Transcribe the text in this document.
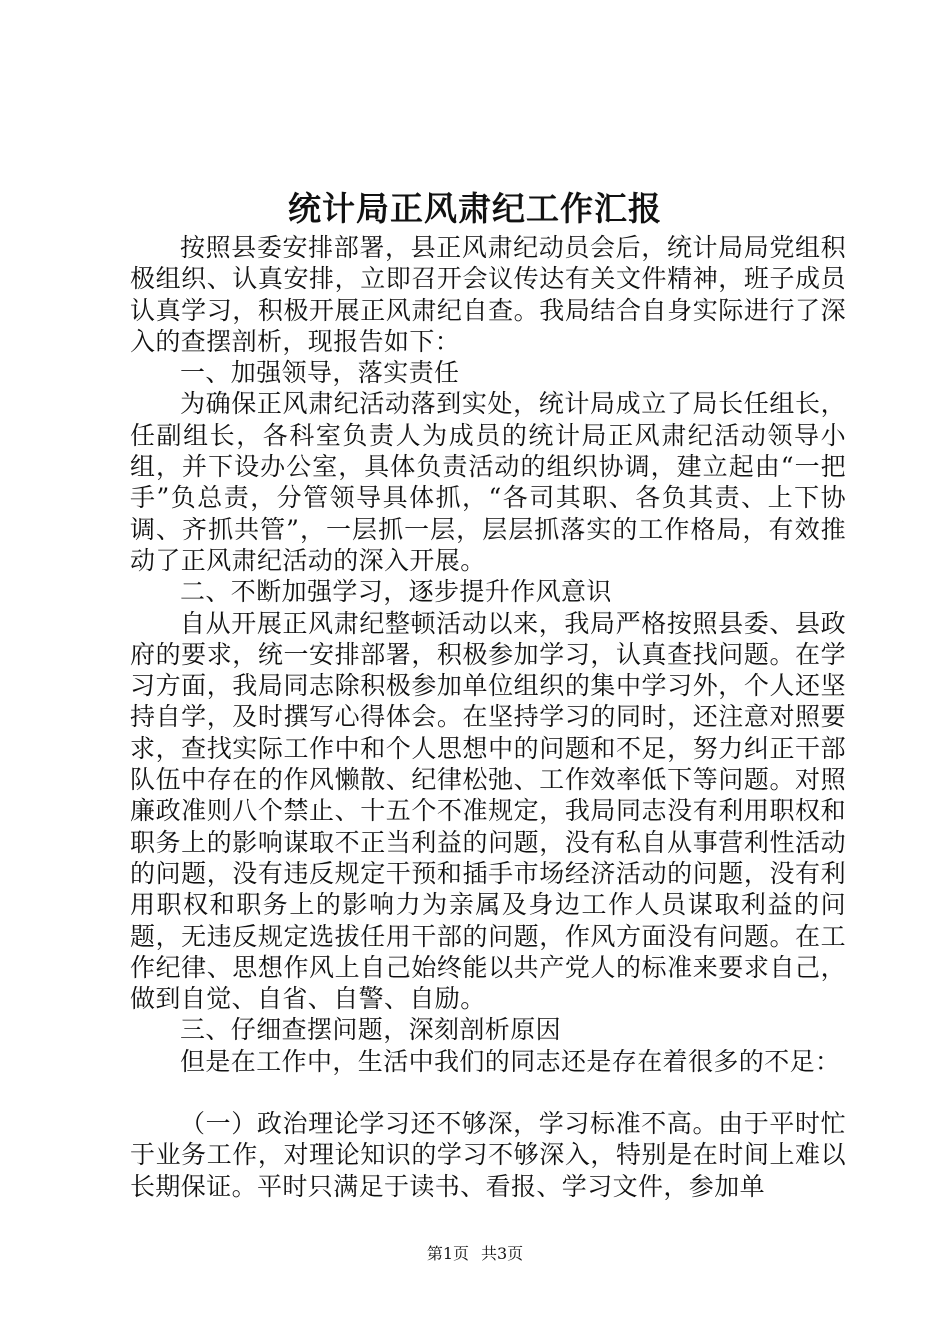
统计局正风肃纪工作汇报

按照县委安排部署，县正风肃纪动员会后，统计局局党组积极组织、认真安排，立即召开会议传达有关文件精神，班子成员认真学习，积极开展正风肃纪自查。我局结合自身实际进行了深入的查摆剖析，现报告如下：

一、加强领导，落实责任

为确保正风肃纪活动落到实处，统计局成立了局长任组长，任副组长，各科室负责人为成员的统计局正风肃纪活动领导小组，并下设办公室，具体负责活动的组织协调，建立起由“一把手”负总责，分管领导具体抓，“各司其职、各负其责、上下协调、齐抓共管”，一层抓一层，层层抓落实的工作格局，有效推动了正风肃纪活动的深入开展。

二、不断加强学习，逐步提升作风意识

自从开展正风肃纪整顿活动以来，我局严格按照县委、县政府的要求，统一安排部署，积极参加学习，认真查找问题。在学习方面，我局同志除积极参加单位组织的集中学习外，个人还坚持自学，及时撰写心得体会。在坚持学习的同时，还注意对照要求，查找实际工作中和个人思想中的问题和不足，努力纠正干部队伍中存在的作风懒散、纪律松弛、工作效率低下等问题。对照廉政准则八个禁止、十五个不准规定，我局同志没有利用职权和职务上的影响谋取不正当利益的问题，没有私自从事营利性活动的问题，没有违反规定干预和插手市场经济活动的问题，没有利用职权和职务上的影响力为亲属及身边工作人员谋取利益的问题，无违反规定选拔任用干部的问题，作风方面没有问题。在工作纪律、思想作风上自己始终能以共产党人的标准来要求自己，做到自觉、自省、自警、自励。

三、仔细查摆问题，深刻剖析原因

但是在工作中，生活中我们的同志还是存在着很多的不足：

（一）政治理论学习还不够深，学习标准不高。由于平时忙于业务工作，对理论知识的学习不够深入，特别是在时间上难以长期保证。平时只满足于读书、看报、学习文件，参加单

第1页 共3页
